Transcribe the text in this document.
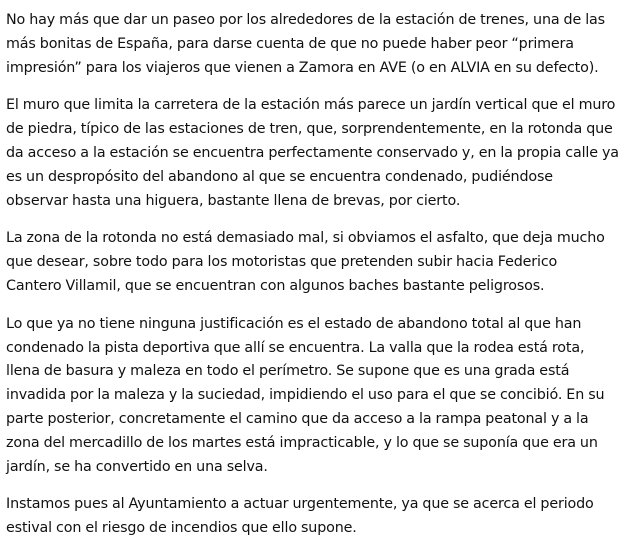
No hay más que dar un paseo por los alrededores de la estación de trenes, una de las
más bonitas de España, para darse cuenta de que no puede haber peor “primera
impresión” para los viajeros que vienen a Zamora en AVE (o en ALVIA en su defecto).

El muro que limita la carretera de la estación más parece un jardín vertical que el muro
de piedra, típico de las estaciones de tren, que, sorprendentemente, en la rotonda que
da acceso a la estación se encuentra perfectamente conservado y, en la propia calle ya
es un despropósito del abandono al que se encuentra condenado, pudiéndose
observar hasta una higuera, bastante llena de brevas, por cierto.

La zona de la rotonda no está demasiado mal, si obviamos el asfalto, que deja mucho
que desear, sobre todo para los motoristas que pretenden subir hacia Federico
Cantero Villamil, que se encuentran con algunos baches bastante peligrosos.

Lo que ya no tiene ninguna justificación es el estado de abandono total al que han
condenado la pista deportiva que allí se encuentra. La valla que la rodea está rota,
llena de basura y maleza en todo el perímetro. Se supone que es una grada está
invadida por la maleza y la suciedad, impidiendo el uso para el que se concibió. En su
parte posterior, concretamente el camino que da acceso a la rampa peatonal y a la
zona del mercadillo de los martes está impracticable, y lo que se suponía que era un
jardín, se ha convertido en una selva.

Instamos pues al Ayuntamiento a actuar urgentemente, ya que se acerca el periodo
estival con el riesgo de incendios que ello supone.
